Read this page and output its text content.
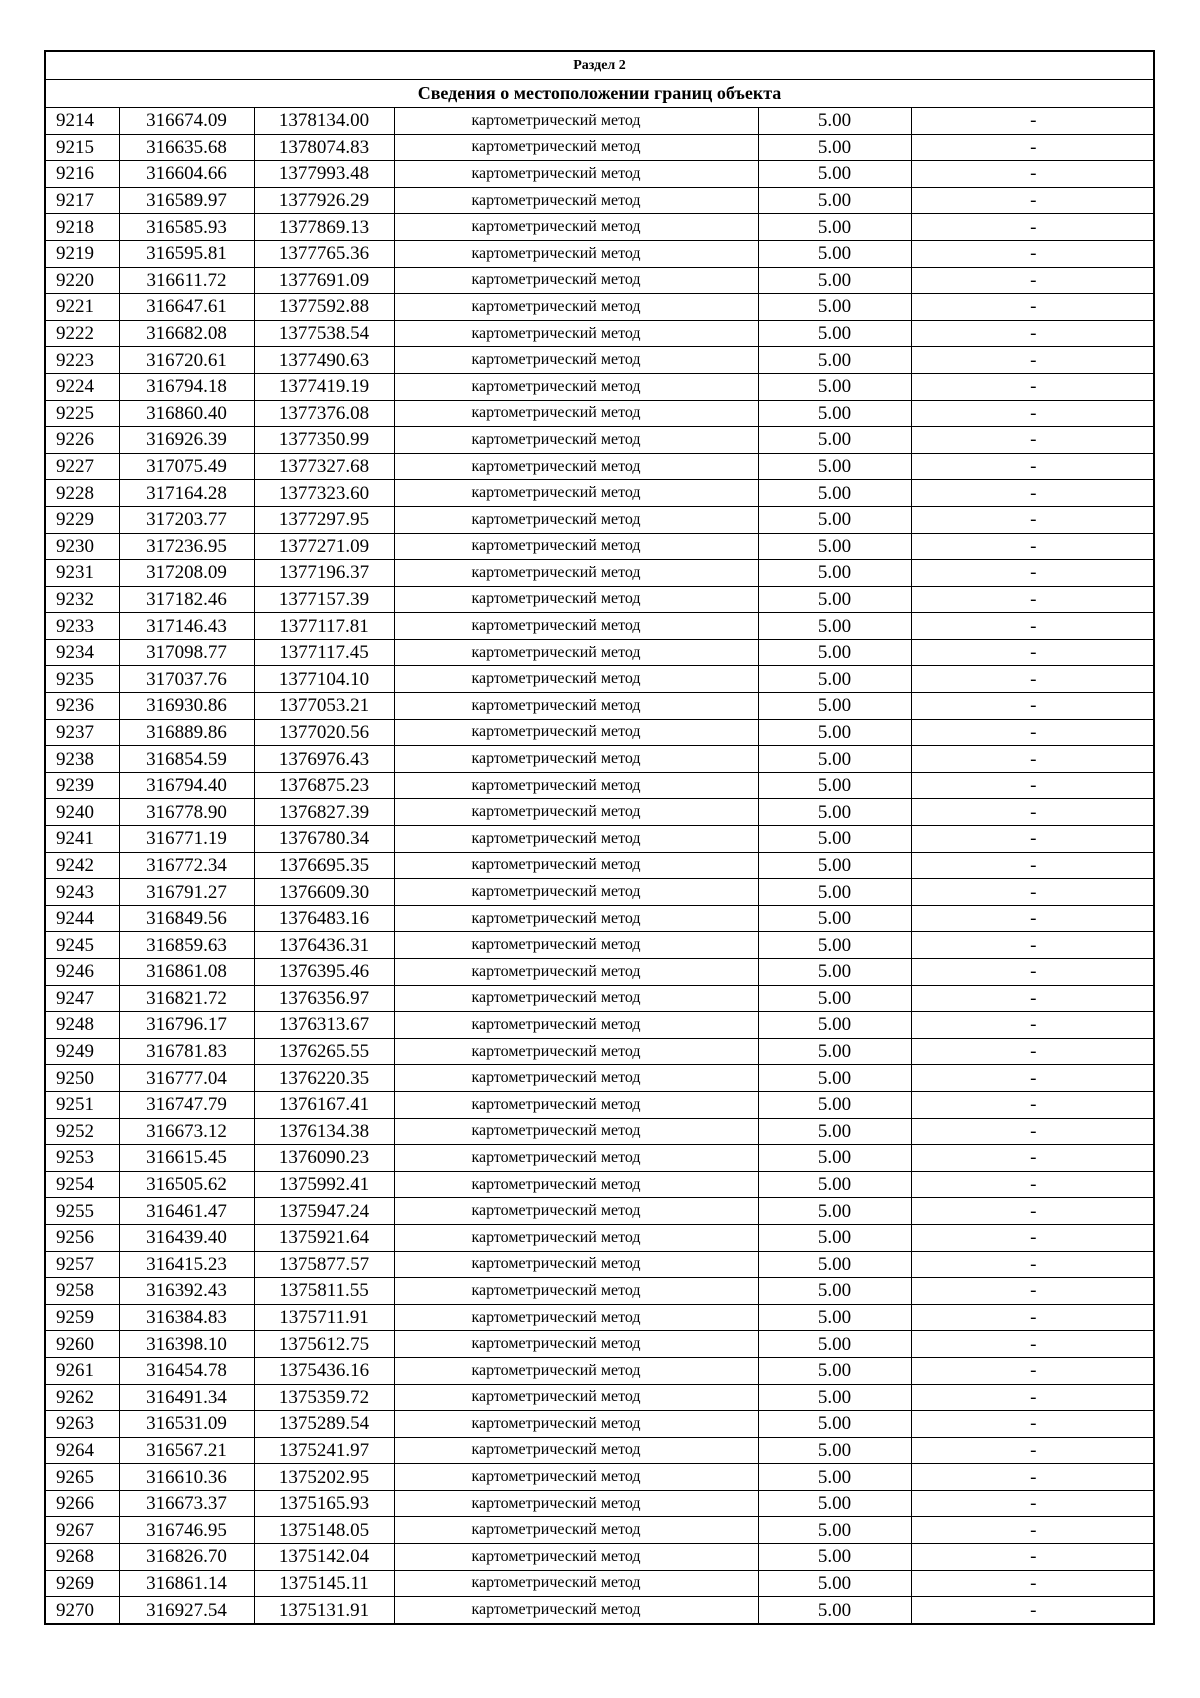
Раздел 2
Сведения о местоположении границ объекта
9214	316674.09	1378134.00	картометрический метод	5.00	-
9215	316635.68	1378074.83	картометрический метод	5.00	-
9216	316604.66	1377993.48	картометрический метод	5.00	-
9217	316589.97	1377926.29	картометрический метод	5.00	-
9218	316585.93	1377869.13	картометрический метод	5.00	-
9219	316595.81	1377765.36	картометрический метод	5.00	-
9220	316611.72	1377691.09	картометрический метод	5.00	-
9221	316647.61	1377592.88	картометрический метод	5.00	-
9222	316682.08	1377538.54	картометрический метод	5.00	-
9223	316720.61	1377490.63	картометрический метод	5.00	-
9224	316794.18	1377419.19	картометрический метод	5.00	-
9225	316860.40	1377376.08	картометрический метод	5.00	-
9226	316926.39	1377350.99	картометрический метод	5.00	-
9227	317075.49	1377327.68	картометрический метод	5.00	-
9228	317164.28	1377323.60	картометрический метод	5.00	-
9229	317203.77	1377297.95	картометрический метод	5.00	-
9230	317236.95	1377271.09	картометрический метод	5.00	-
9231	317208.09	1377196.37	картометрический метод	5.00	-
9232	317182.46	1377157.39	картометрический метод	5.00	-
9233	317146.43	1377117.81	картометрический метод	5.00	-
9234	317098.77	1377117.45	картометрический метод	5.00	-
9235	317037.76	1377104.10	картометрический метод	5.00	-
9236	316930.86	1377053.21	картометрический метод	5.00	-
9237	316889.86	1377020.56	картометрический метод	5.00	-
9238	316854.59	1376976.43	картометрический метод	5.00	-
9239	316794.40	1376875.23	картометрический метод	5.00	-
9240	316778.90	1376827.39	картометрический метод	5.00	-
9241	316771.19	1376780.34	картометрический метод	5.00	-
9242	316772.34	1376695.35	картометрический метод	5.00	-
9243	316791.27	1376609.30	картометрический метод	5.00	-
9244	316849.56	1376483.16	картометрический метод	5.00	-
9245	316859.63	1376436.31	картометрический метод	5.00	-
9246	316861.08	1376395.46	картометрический метод	5.00	-
9247	316821.72	1376356.97	картометрический метод	5.00	-
9248	316796.17	1376313.67	картометрический метод	5.00	-
9249	316781.83	1376265.55	картометрический метод	5.00	-
9250	316777.04	1376220.35	картометрический метод	5.00	-
9251	316747.79	1376167.41	картометрический метод	5.00	-
9252	316673.12	1376134.38	картометрический метод	5.00	-
9253	316615.45	1376090.23	картометрический метод	5.00	-
9254	316505.62	1375992.41	картометрический метод	5.00	-
9255	316461.47	1375947.24	картометрический метод	5.00	-
9256	316439.40	1375921.64	картометрический метод	5.00	-
9257	316415.23	1375877.57	картометрический метод	5.00	-
9258	316392.43	1375811.55	картометрический метод	5.00	-
9259	316384.83	1375711.91	картометрический метод	5.00	-
9260	316398.10	1375612.75	картометрический метод	5.00	-
9261	316454.78	1375436.16	картометрический метод	5.00	-
9262	316491.34	1375359.72	картометрический метод	5.00	-
9263	316531.09	1375289.54	картометрический метод	5.00	-
9264	316567.21	1375241.97	картометрический метод	5.00	-
9265	316610.36	1375202.95	картометрический метод	5.00	-
9266	316673.37	1375165.93	картометрический метод	5.00	-
9267	316746.95	1375148.05	картометрический метод	5.00	-
9268	316826.70	1375142.04	картометрический метод	5.00	-
9269	316861.14	1375145.11	картометрический метод	5.00	-
9270	316927.54	1375131.91	картометрический метод	5.00	-
